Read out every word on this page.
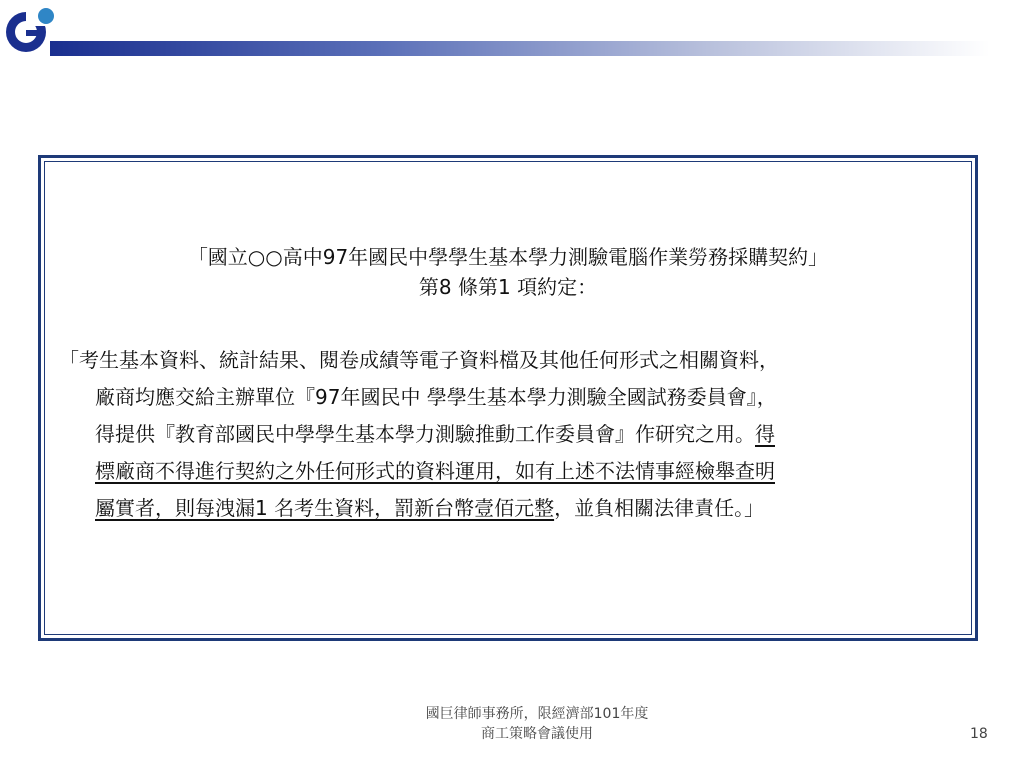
「國立○○高中97年國民中學學生基本學力測驗電腦作業勞務採購契約」
第8 條第1 項約定：
「考生基本資料、統計結果、閱卷成績等電子資料檔及其他任何形式之相關資料，
廠商均應交給主辦單位『97年國民中 學學生基本學力測驗全國試務委員會』，
得提供『教育部國民中學學生基本學力測驗推動工作委員會』作研究之用。得
標廠商不得進行契約之外任何形式的資料運用，如有上述不法情事經檢舉查明
屬實者，則每洩漏1 名考生資料，罰新台幣壹佰元整，並負相關法律責任。」
國巨律師事務所，限經濟部101年度
商工策略會議使用	18
